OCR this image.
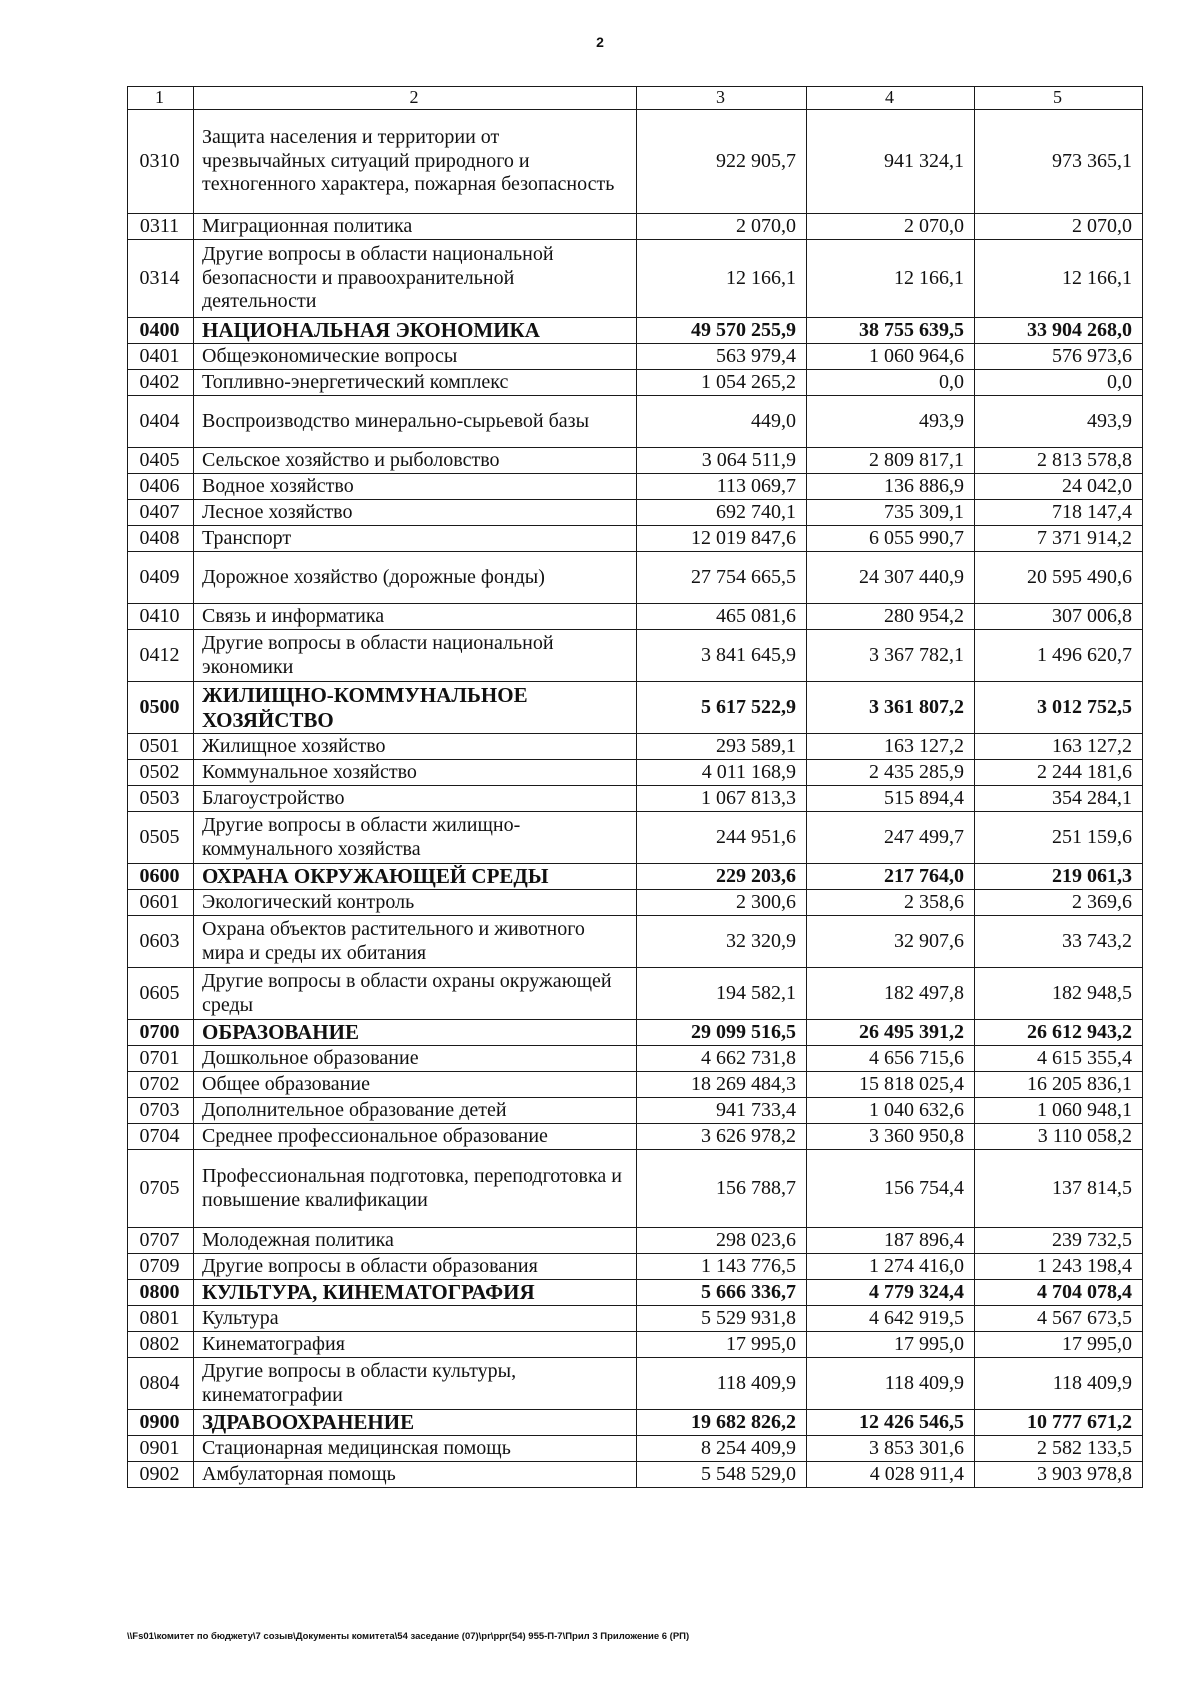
2
1	2	3	4	5
0310	Защита населения и территории от чрезвычайных ситуаций природного и техногенного характера, пожарная безопасность	922 905,7	941 324,1	973 365,1
0311	Миграционная политика	2 070,0	2 070,0	2 070,0
0314	Другие вопросы в области национальной безопасности и правоохранительной деятельности	12 166,1	12 166,1	12 166,1
0400	НАЦИОНАЛЬНАЯ ЭКОНОМИКА	49 570 255,9	38 755 639,5	33 904 268,0
0401	Общеэкономические вопросы	563 979,4	1 060 964,6	576 973,6
0402	Топливно-энергетический комплекс	1 054 265,2	0,0	0,0
0404	Воспроизводство минерально-сырьевой базы	449,0	493,9	493,9
0405	Сельское хозяйство и рыболовство	3 064 511,9	2 809 817,1	2 813 578,8
0406	Водное хозяйство	113 069,7	136 886,9	24 042,0
0407	Лесное хозяйство	692 740,1	735 309,1	718 147,4
0408	Транспорт	12 019 847,6	6 055 990,7	7 371 914,2
0409	Дорожное хозяйство (дорожные фонды)	27 754 665,5	24 307 440,9	20 595 490,6
0410	Связь и информатика	465 081,6	280 954,2	307 006,8
0412	Другие вопросы в области национальной экономики	3 841 645,9	3 367 782,1	1 496 620,7
0500	ЖИЛИЩНО-КОММУНАЛЬНОЕ ХОЗЯЙСТВО	5 617 522,9	3 361 807,2	3 012 752,5
0501	Жилищное хозяйство	293 589,1	163 127,2	163 127,2
0502	Коммунальное хозяйство	4 011 168,9	2 435 285,9	2 244 181,6
0503	Благоустройство	1 067 813,3	515 894,4	354 284,1
0505	Другие вопросы в области жилищно-коммунального хозяйства	244 951,6	247 499,7	251 159,6
0600	ОХРАНА ОКРУЖАЮЩЕЙ СРЕДЫ	229 203,6	217 764,0	219 061,3
0601	Экологический контроль	2 300,6	2 358,6	2 369,6
0603	Охрана объектов растительного и животного мира и среды их обитания	32 320,9	32 907,6	33 743,2
0605	Другие вопросы в области охраны окружающей среды	194 582,1	182 497,8	182 948,5
0700	ОБРАЗОВАНИЕ	29 099 516,5	26 495 391,2	26 612 943,2
0701	Дошкольное образование	4 662 731,8	4 656 715,6	4 615 355,4
0702	Общее образование	18 269 484,3	15 818 025,4	16 205 836,1
0703	Дополнительное образование детей	941 733,4	1 040 632,6	1 060 948,1
0704	Среднее профессиональное образование	3 626 978,2	3 360 950,8	3 110 058,2
0705	Профессиональная подготовка, переподготовка и повышение квалификации	156 788,7	156 754,4	137 814,5
0707	Молодежная политика	298 023,6	187 896,4	239 732,5
0709	Другие вопросы в области образования	1 143 776,5	1 274 416,0	1 243 198,4
0800	КУЛЬТУРА, КИНЕМАТОГРАФИЯ	5 666 336,7	4 779 324,4	4 704 078,4
0801	Культура	5 529 931,8	4 642 919,5	4 567 673,5
0802	Кинематография	17 995,0	17 995,0	17 995,0
0804	Другие вопросы в области культуры, кинематографии	118 409,9	118 409,9	118 409,9
0900	ЗДРАВООХРАНЕНИЕ	19 682 826,2	12 426 546,5	10 777 671,2
0901	Стационарная медицинская помощь	8 254 409,9	3 853 301,6	2 582 133,5
0902	Амбулаторная помощь	5 548 529,0	4 028 911,4	3 903 978,8
\\Fs01\комитет по бюджету\7 созыв\Документы комитета\54 заседание (07)\pr\ppr(54) 955-П-7\Прил 3 Приложение 6 (РП)
